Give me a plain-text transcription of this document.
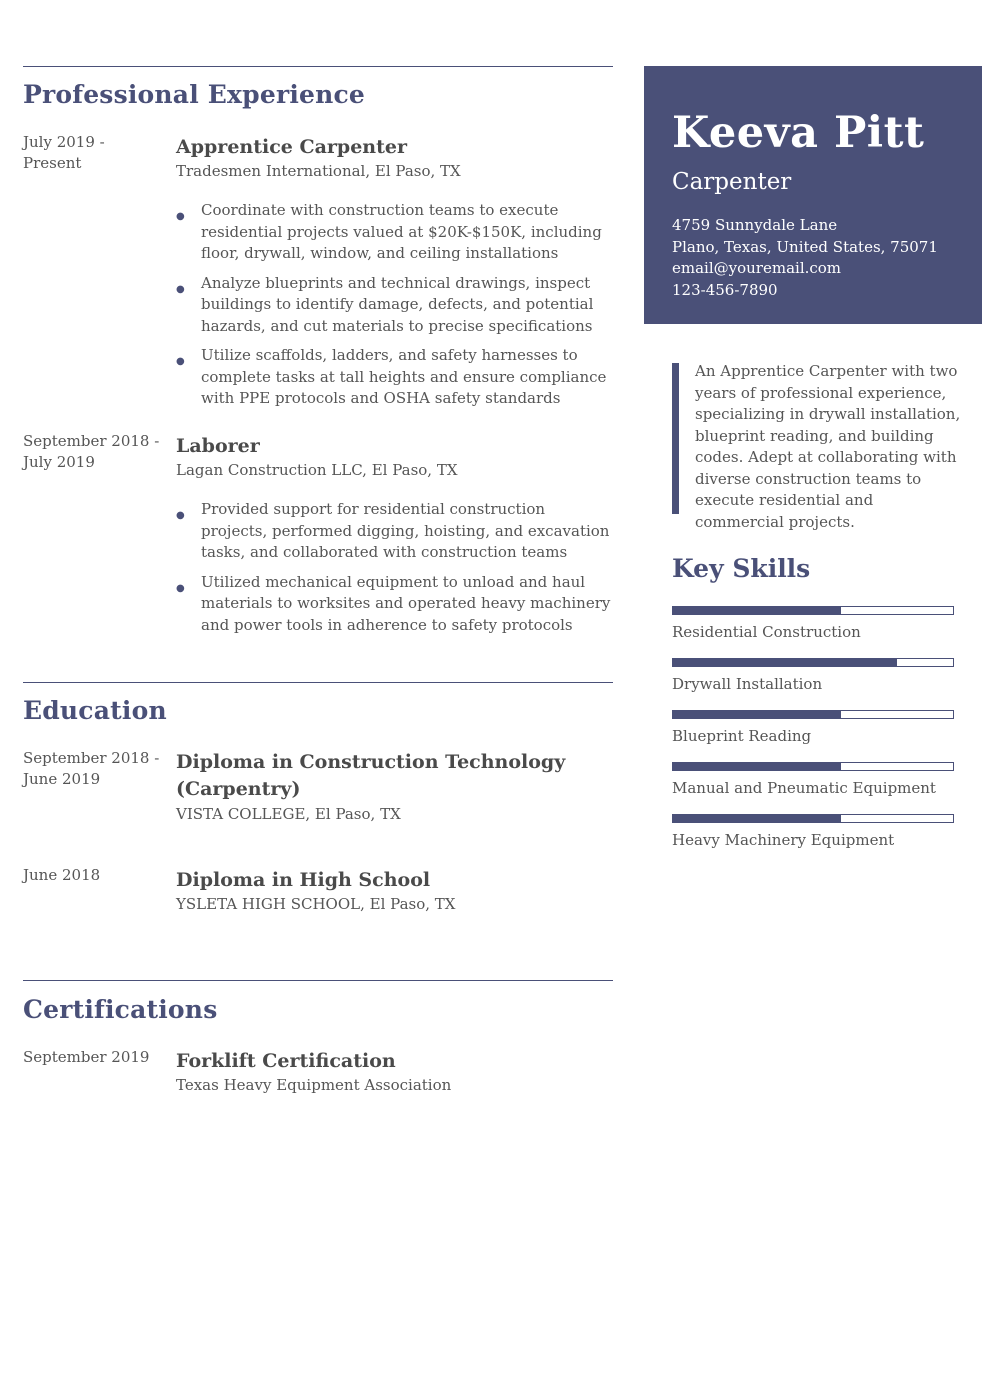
Professional Experience
July 2019 - Present

Apprentice Carpenter

Tradesmen International, El Paso, TX

● Coordinate with construction teams to execute residential projects valued at $20K-$150K, including floor, drywall, window, and ceiling installations
● Analyze blueprints and technical drawings, inspect buildings to identify damage, defects, and potential hazards, and cut materials to precise specifications
● Utilize scaffolds, ladders, and safety harnesses to complete tasks at tall heights and ensure compliance with PPE protocols and OSHA safety standards
September 2018 - July 2019

Laborer

Lagan Construction LLC, El Paso, TX

● Provided support for residential construction projects, performed digging, hoisting, and excavation tasks, and collaborated with construction teams
● Utilized mechanical equipment to unload and haul materials to worksites and operated heavy machinery and power tools in adherence to safety protocols
Education
September 2018 - June 2019

Diploma in Construction Technology (Carpentry)

VISTA COLLEGE, El Paso, TX

June 2018	Diploma in High School

YSLETA HIGH SCHOOL, El Paso, TX

Certifications
September 2019	Forklift Certification

Texas Heavy Equipment Association

Keeva Pitt
Carpenter
4759 Sunnydale Lane
Plano, Texas, United States, 75071
email@youremail.com
123-456-7890
An Apprentice Carpenter with two years of professional experience, specializing in drywall installation, blueprint reading, and building codes. Adept at collaborating with diverse construction teams to execute residential and commercial projects.
Key Skills
Residential Construction
Drywall Installation
Blueprint Reading
Manual and Pneumatic Equipment
Heavy Machinery Equipment
